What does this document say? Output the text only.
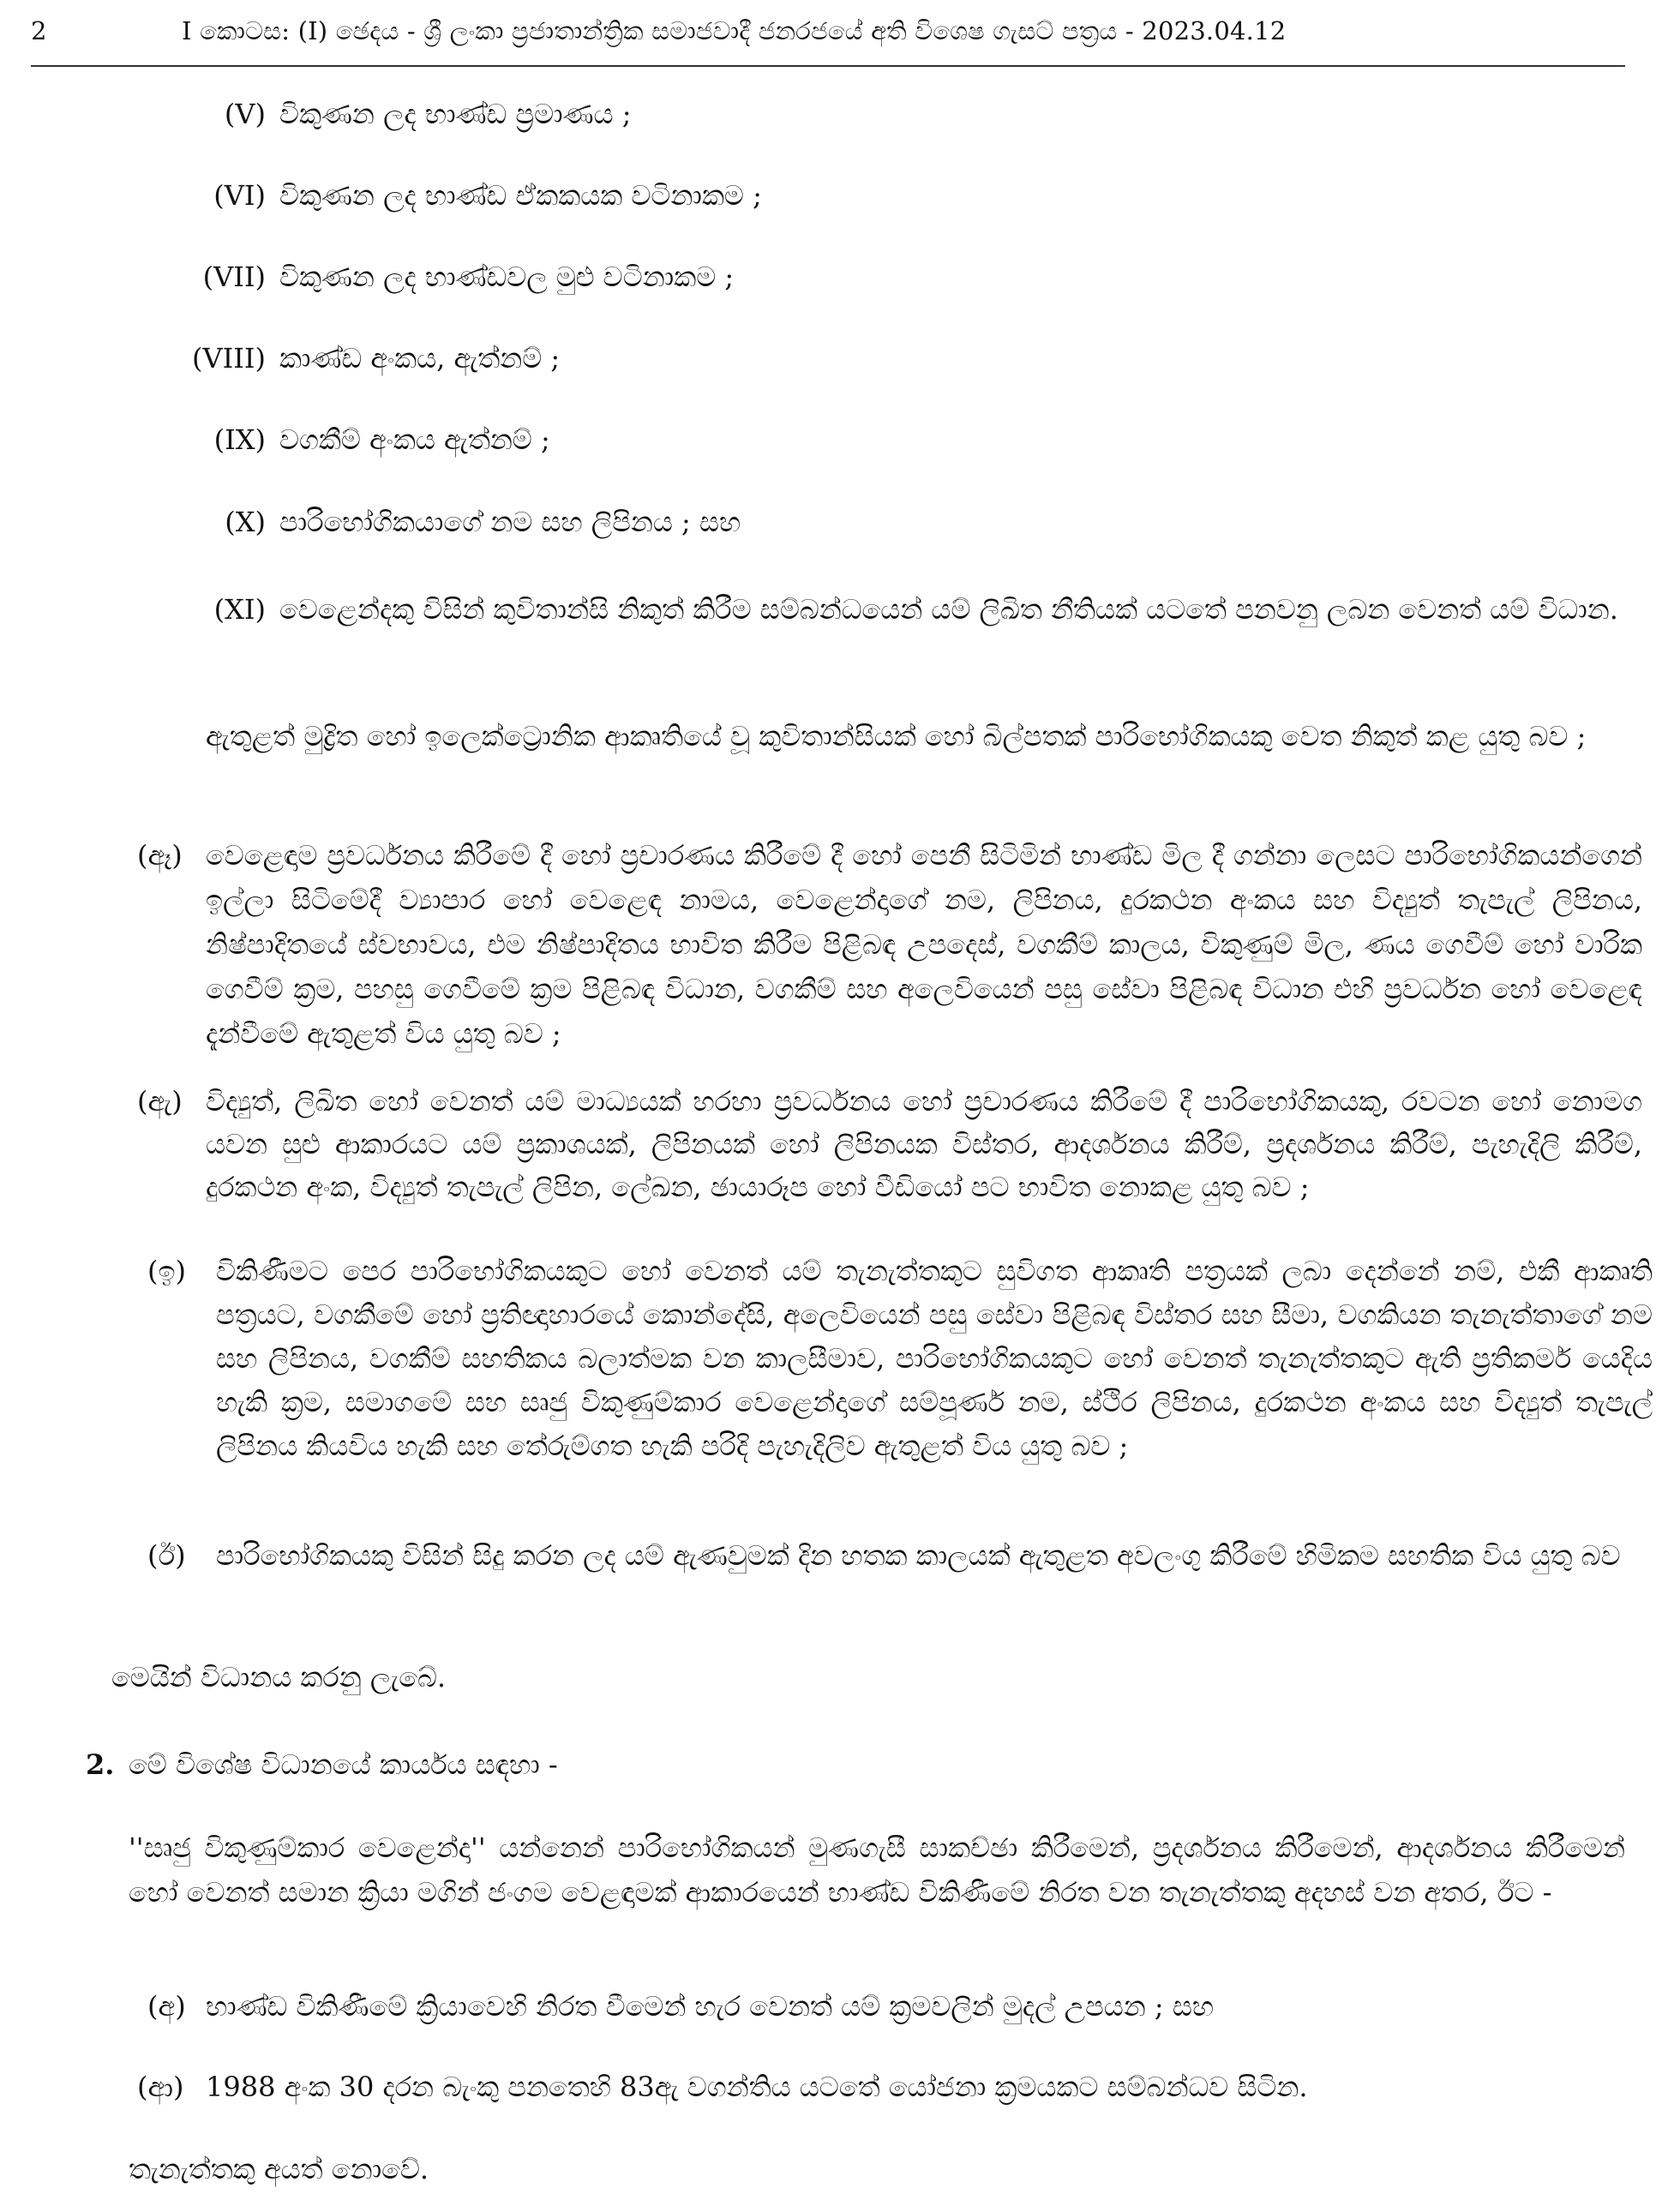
2	I කොටස: (I) ඡෙදය - ශ්‍රී ලංකා ප්‍රජාතාන්ත්‍රික සමාජවාදී ජනරජයේ අති විශෙෂ ගැසට් පත්‍රය - 2023.04.12
(V) විකුණන ලද භාණ්ඩ ප්‍රමාණය ;
(VI) විකුණන ලද භාණ්ඩ ඒකකයක වටිනාකම ;
(VII) විකුණන ලද භාණ්ඩවල මුළු වටිනාකම ;
(VIII) කාණ්ඩ අංකය, ඇත්නම් ;
(IX) වගකීම් අංකය ඇත්නම් ;
(X) පාරිභෝගිකයාගේ නම සහ ලිපිනය ; සහ
(XI) වෙළෙන්දකු විසින් කුවිතාන්සි නිකුත් කිරීම සම්බන්ධයෙන් යම් ලිඛිත නීතියක් යටතේ පනවනු ලබන වෙනත් යම් විධාන.
ඇතුළත් මුද්‍රිත හෝ ඉලෙක්ට්‍රොනික ආකෘතියේ වූ කුවිතාන්සියක් හෝ බිල්පතක් පාරිභෝගිකයකු වෙත නිකුත් කළ යුතු බව ;
(ඈ) වෙළෙඳාම ප්‍රවර්ධනය කිරීමේ දී හෝ ප්‍රචාරණය කිරීමේ දී හෝ පෙනී සිටිමින් භාණ්ඩ මිල දී ගන්නා ලෙසට පාරිභෝගිකයන්ගෙන් ඉල්ලා සිටිමේදී ව්‍යාපාර හෝ වෙළෙඳ නාමය, වෙළෙන්දාගේ නම, ලිපිනය, දුරකථන අංකය සහ විද්‍යුත් තැපැල් ලිපිනය, නිෂ්පාදිතයේ ස්වභාවය, එම නිෂ්පාදිතය භාවිත කිරීම පිළිබඳ උපදෙස්, වගකීම් කාලය, විකුණුම් මිල, ණය ගෙවීම් හෝ වාරික ගෙවීම් ක්‍රම, පහසු ගෙවීමේ ක්‍රම පිළිබඳ විධාන, වගකීම් සහ අලෙවියෙන් පසු සේවා පිළිබඳ විධාන එහි ප්‍රවර්ධන හෝ වෙළෙඳ දැන්වීමේ ඇතුළත් විය යුතු බව ;
(ඇ) විද්‍යුත්, ලිඛිත හෝ වෙනත් යම් මාධ්‍යයක් හරහා ප්‍රවර්ධනය හෝ ප්‍රචාරණය කිරීමේ දී පාරිභෝගිකයකු, රවටන හෝ නොමග යවන සුළු ආකාරයට යම් ප්‍රකාශයක්, ලිපිනයක් හෝ ලිපිනයක විස්තර, ආදර්ශනය කිරීම්, ප්‍රදර්ශනය කිරීම්, පැහැදිලි කිරීම්, දුරකථන අංක, විද්‍යුත් තැපැල් ලිපින, ලේඛන, ඡායාරූප හෝ වීඩියෝ පට භාවිත නොකළ යුතු බව ;
(ඉ) විකිණීමට පෙර පාරිභෝගිකයකුට හෝ වෙනත් යම් තැනැත්තකුට සුවිගත ආකෘති පත්‍රයක් ලබා දෙන්නේ නම්, එකී ආකෘති පත්‍රයට, වගකීමේ හෝ ප්‍රතිඥාහාරයේ කොන්දේසි, අලෙවියෙන් පසු සේවා පිළිබඳ විස්තර සහ සීමා, වගකියන තැනැත්තාගේ නම සහ ලිපිනය, වගකීම් සහතිකය බලාත්මක වන කාලසීමාව, පාරිභෝගිකයකුට හෝ වෙනත් තැනැත්තකුට ඇති ප්‍රතිකර්ම යෙදිය හැකි ක්‍රම, සමාගමේ සහ සෘජු විකුණුම්කාර වෙළෙන්දාගේ සම්පූර්ණ නම, ස්ථිර ලිපිනය, දුරකථන අංකය සහ විද්‍යුත් තැපැල් ලිපිනය කියවිය හැකි සහ තේරුම්ගත හැකි පරිදි පැහැදිලිව ඇතුළත් විය යුතු බව ;
(ඊ) පාරිභෝගිකයකු විසින් සිදු කරන ලද යම් ඇණවුමක් දින හතක කාලයක් ඇතුළත අවලංගු කිරීමේ හිමිකම සහතික විය යුතු බව
මෙයින් විධානය කරනු ලැබේ.
2. මේ විශේෂ විධානයේ කාර්යය සඳහා -
''සෘජු විකුණුම්කාර වෙළෙන්දා'' යන්නෙන් පාරිභෝගිකයන් මුණගැසී සාකච්ඡා කිරීමෙන්, ප්‍රදර්ශනය කිරීමෙන්, ආදර්ශනය කිරීමෙන් හෝ වෙනත් සමාන ක්‍රියා මගින් ජංගම වෙළඳාමක් ආකාරයෙන් භාණ්ඩ විකිණීමේ නිරත වන තැනැත්තකු අදහස් වන අතර, ඊට -
(අ) භාණ්ඩ විකිණීමේ ක්‍රියාවෙහි නිරත වීමෙන් හැර වෙනත් යම් ක්‍රමවලින් මුදල් උපයන ; සහ
(ආ) 1988 අංක 30 දරන බැංකු පනතෙහි 83ඇ වගන්තිය යටතේ යෝජනා ක්‍රමයකට සම්බන්ධව සිටින.
තැනැත්තකු අයත් නොවේ.
